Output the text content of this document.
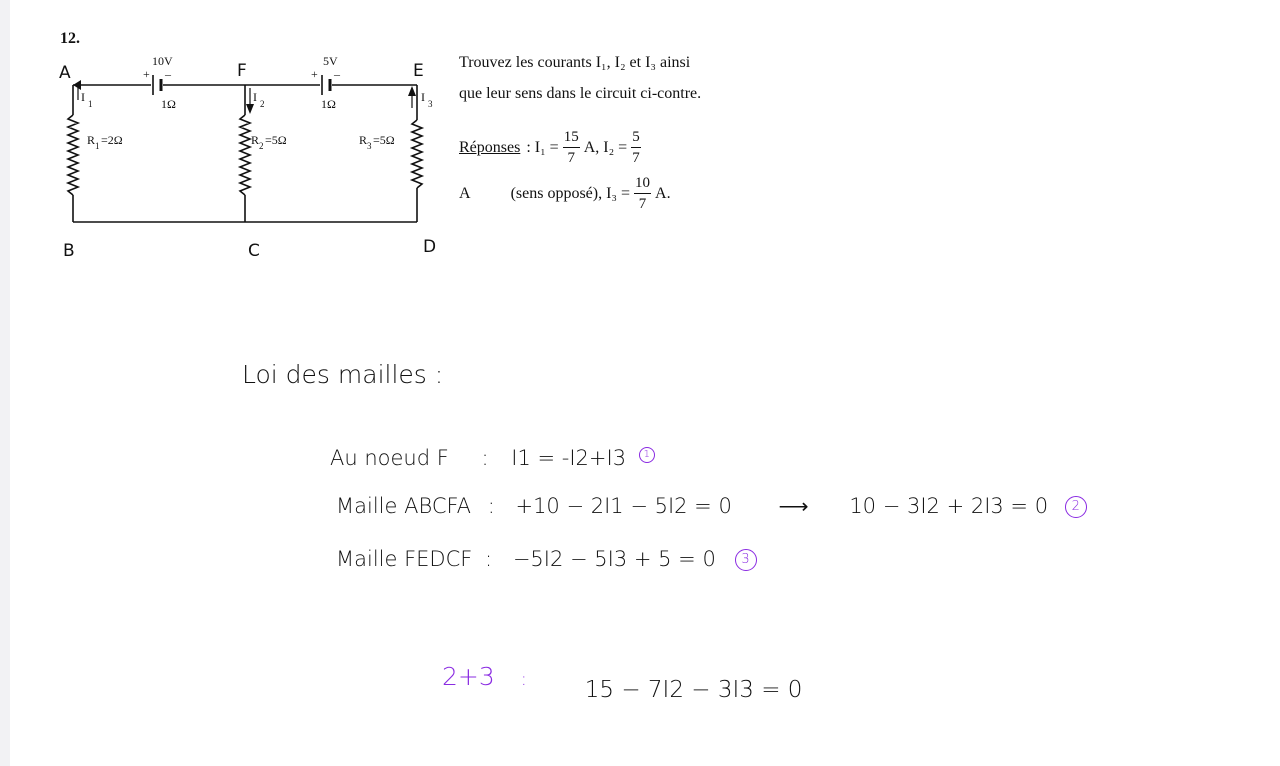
12.
A	F	E
B	C	D
10V	5V
+ –	+ –
1Ω	1Ω
I 1	I 2	I 3
R 1 =2Ω	R 2 =5Ω	R 3 =5Ω
Trouvez les courants I₁, I₂ et I₃ ainsi
que leur sens dans le circuit ci-contre.
Réponses : $I_1 = \frac{15}{7} A$, $I_2 = \frac{5}{7}$
A	(sens opposé), $I_3 = \frac{10}{7} A$.
Loi des mailles :
Au noeud F : I1 = -I2+I3 1
Maille ABCFA : +10 − 2I1 − 5I2 = 0 ⟶ 10 − 3I2 + 2I3 = 0 2
Maille FEDCF : −5I2 − 5I3 + 5 = 0 3
2+3 :	15 − 7I2 − 3I3 = 0
